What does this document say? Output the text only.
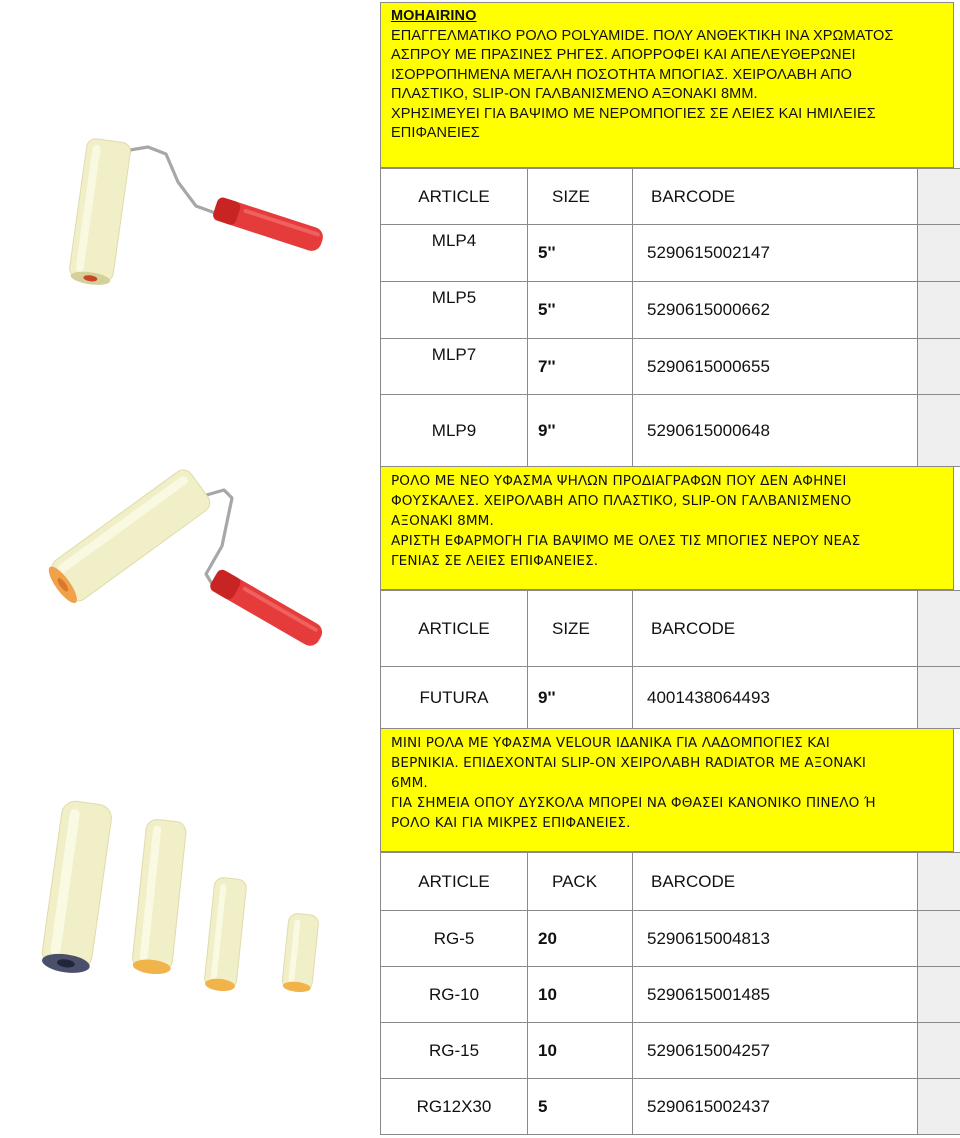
ΜΟΗΑΙRINO

ΕΠΑΓΓΕΛΜΑΤΙΚΟ ΡΟΛΟ POLYAMIDE. ΠΟΛΥ ΑΝΘΕΚΤΙΚΗ ΙΝΑ ΧΡΩΜΑΤΟΣ

ΑΣΠΡΟΥ ΜΕ ΠΡΑΣΙΝΕΣ ΡΗΓΕΣ. ΑΠΟΡΡΟΦΕΙ ΚΑΙ ΑΠΕΛΕΥΘΕΡΩΝΕΙ

ΙΣΟΡΡΟΠΗΜΕΝΑ ΜΕΓΑΛΗ ΠΟΣΟΤΗΤΑ ΜΠΟΓΙΑΣ. ΧΕΙΡΟΛΑΒΗ ΑΠΟ

ΠΛΑΣΤΙΚΟ, SLIP-ON ΓΑΛΒΑΝΙΣΜΕΝΟ ΑΞΟΝΑΚΙ 8ΜΜ.

ΧΡΗΣΙΜΕΥΕΙ ΓΙΑ ΒΑΨΙΜΟ ΜΕ ΝΕΡΟΜΠΟΓΙΕΣ ΣΕ ΛΕΙΕΣ ΚΑΙ ΗΜΙΛΕΙΕΣ

ΕΠΙΦΑΝΕΙΕΣ

ARTICLE	SIZE	BARCODE	
MLP4	5''	5290615002147	
MLP5	5''	5290615000662	
MLP7	7''	5290615000655	
MLP9	9''	5290615000648	

ΡΟΛΟ ΜΕ ΝΕΟ ΥΦΑΣΜΑ ΨΗΛΩΝ ΠΡΟΔΙΑΓΡΑΦΩΝ ΠΟΥ ΔΕΝ ΑΦΗΝΕΙ

ΦΟΥΣΚΑΛΕΣ. ΧΕΙΡΟΛΑΒΗ ΑΠΟ ΠΛΑΣΤΙΚΟ, SLIP-ON ΓΑΛΒΑΝΙΣΜΕΝΟ

ΑΞΟΝΑΚΙ 8ΜΜ.

ΑΡΙΣΤΗ ΕΦΑΡΜΟΓΗ ΓΙΑ ΒΑΨΙΜΟ ΜΕ ΟΛΕΣ ΤΙΣ ΜΠΟΓΙΕΣ ΝΕΡΟΥ ΝΕΑΣ

ΓΕΝΙΑΣ ΣΕ ΛΕΙΕΣ ΕΠΙΦΑΝΕΙΕΣ.

ARTICLE	SIZE	BARCODE	
FUTURA	9''	4001438064493	

ΜΙΝΙ ΡΟΛΑ ΜΕ ΥΦΑΣΜΑ VELOUR ΙΔΑΝΙΚΑ ΓΙΑ ΛΑΔΟΜΠΟΓΙΕΣ ΚΑΙ

ΒΕΡΝΙΚΙΑ. ΕΠΙΔΕΧΟΝΤΑΙ SLIP-ON ΧΕΙΡΟΛΑΒΗ RADIATOR ΜΕ ΑΞΟΝΑΚΙ

6ΜΜ.

ΓΙΑ ΣΗΜΕΙΑ ΟΠΟΥ ΔΥΣΚΟΛΑ ΜΠΟΡΕΙ ΝΑ ΦΘΑΣΕΙ ΚΑΝΟΝΙΚΟ ΠΙΝΕΛΟ Ή

ΡΟΛΟ ΚΑΙ ΓΙΑ ΜΙΚΡΕΣ ΕΠΙΦΑΝΕΙΕΣ.

ARTICLE	PACK	BARCODE	
RG-5	20	5290615004813	
RG-10	10	5290615001485	
RG-15	10	5290615004257	
RG12X30	5	5290615002437	
